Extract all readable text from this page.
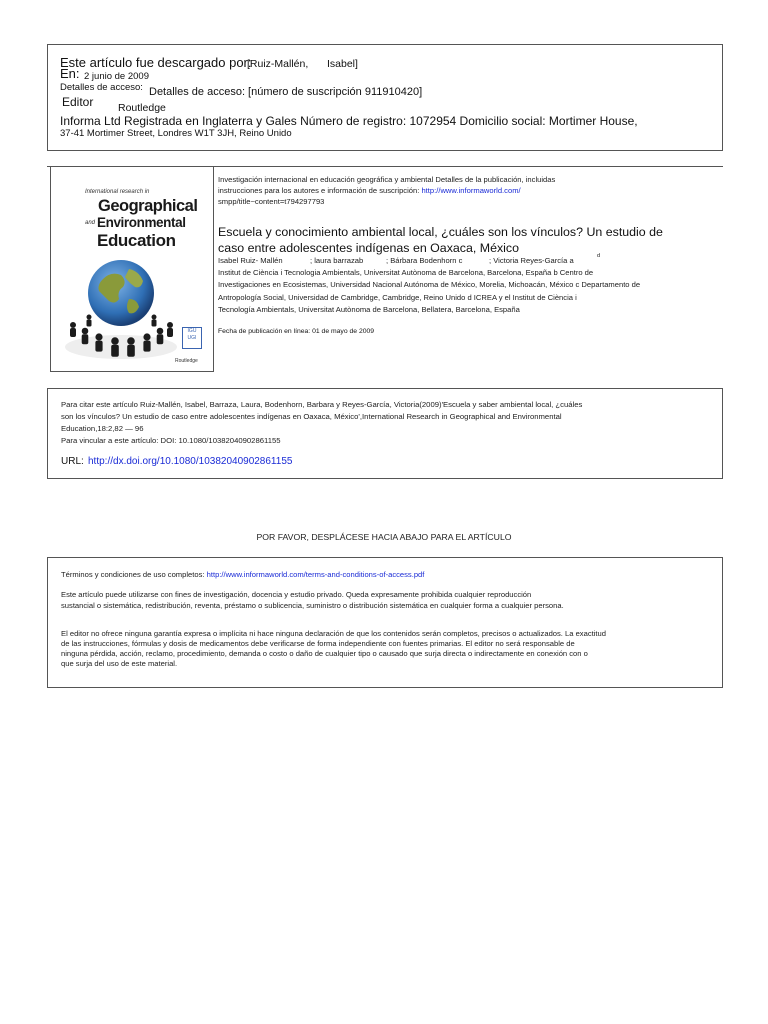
Este artículo fue descargado por:
[Ruiz-Mallén, Isabel]
En: 2 junio de 2009
Detalles de acceso: Detalles de acceso: [número de suscripción 911910420]
Editor Routledge
Informa Ltd Registrada en Inglaterra y Gales Número de registro: 1072954 Domicilio social: Mortimer House,
37-41 Mortimer Street, Londres W1T 3JH, Reino Unido
International research in
Geographical
and Environmental
Education
IGU UGI
Routledge
Investigación internacional en educación geográfica y ambiental Detalles de la publicación, incluidas
instrucciones para los autores e información de suscripción: http://www.informaworld.com/
smpp/title~content=t794297793
Escuela y conocimiento ambiental local, ¿cuáles son los vínculos? Un estudio de
caso entre adolescentes indígenas en Oaxaca, México
Isabel Ruiz- Mallén	; laura barrazab	; Bárbara Bodenhorn c	; Victoria Reyes-García a	d
Institut de Ciència i Tecnologia Ambientals, Universitat Autònoma de Barcelona, Barcelona, España b Centro de
Investigaciones en Ecosistemas, Universidad Nacional Autónoma de México, Morelia, Michoacán, México c Departamento de
Antropología Social, Universidad de Cambridge, Cambridge, Reino Unido d ICREA y el Institut de Ciència i
Tecnología Ambientals, Universitat Autònoma de Barcelona, Bellatera, Barcelona, España
Fecha de publicación en línea: 01 de mayo de 2009
Para citar este artículo Ruiz-Mallén, Isabel, Barraza, Laura, Bodenhorn, Barbara y Reyes-García, Victoria(2009)'Escuela y saber ambiental local, ¿cuáles
son los vínculos? Un estudio de caso entre adolescentes indígenas en Oaxaca, México',International Research in Geographical and Environmental
Education,18:2,82 — 96
Para vincular a este artículo: DOI: 10.1080/10382040902861155
URL: http://dx.doi.org/10.1080/10382040902861155
POR FAVOR, DESPLÁCESE HACIA ABAJO PARA EL ARTÍCULO
Términos y condiciones de uso completos: http://www.informaworld.com/terms-and-conditions-of-access.pdf
Este artículo puede utilizarse con fines de investigación, docencia y estudio privado. Queda expresamente prohibida cualquier reproducción
sustancial o sistemática, redistribución, reventa, préstamo o sublicencia, suministro o distribución sistemática en cualquier forma a cualquier persona.
El editor no ofrece ninguna garantía expresa o implícita ni hace ninguna declaración de que los contenidos serán completos, precisos o actualizados. La exactitud
de las instrucciones, fórmulas y dosis de medicamentos debe verificarse de forma independiente con fuentes primarias. El editor no será responsable de
ninguna pérdida, acción, reclamo, procedimiento, demanda o costo o daño de cualquier tipo o causado que surja directa o indirectamente en conexión con o
que surja del uso de este material.
